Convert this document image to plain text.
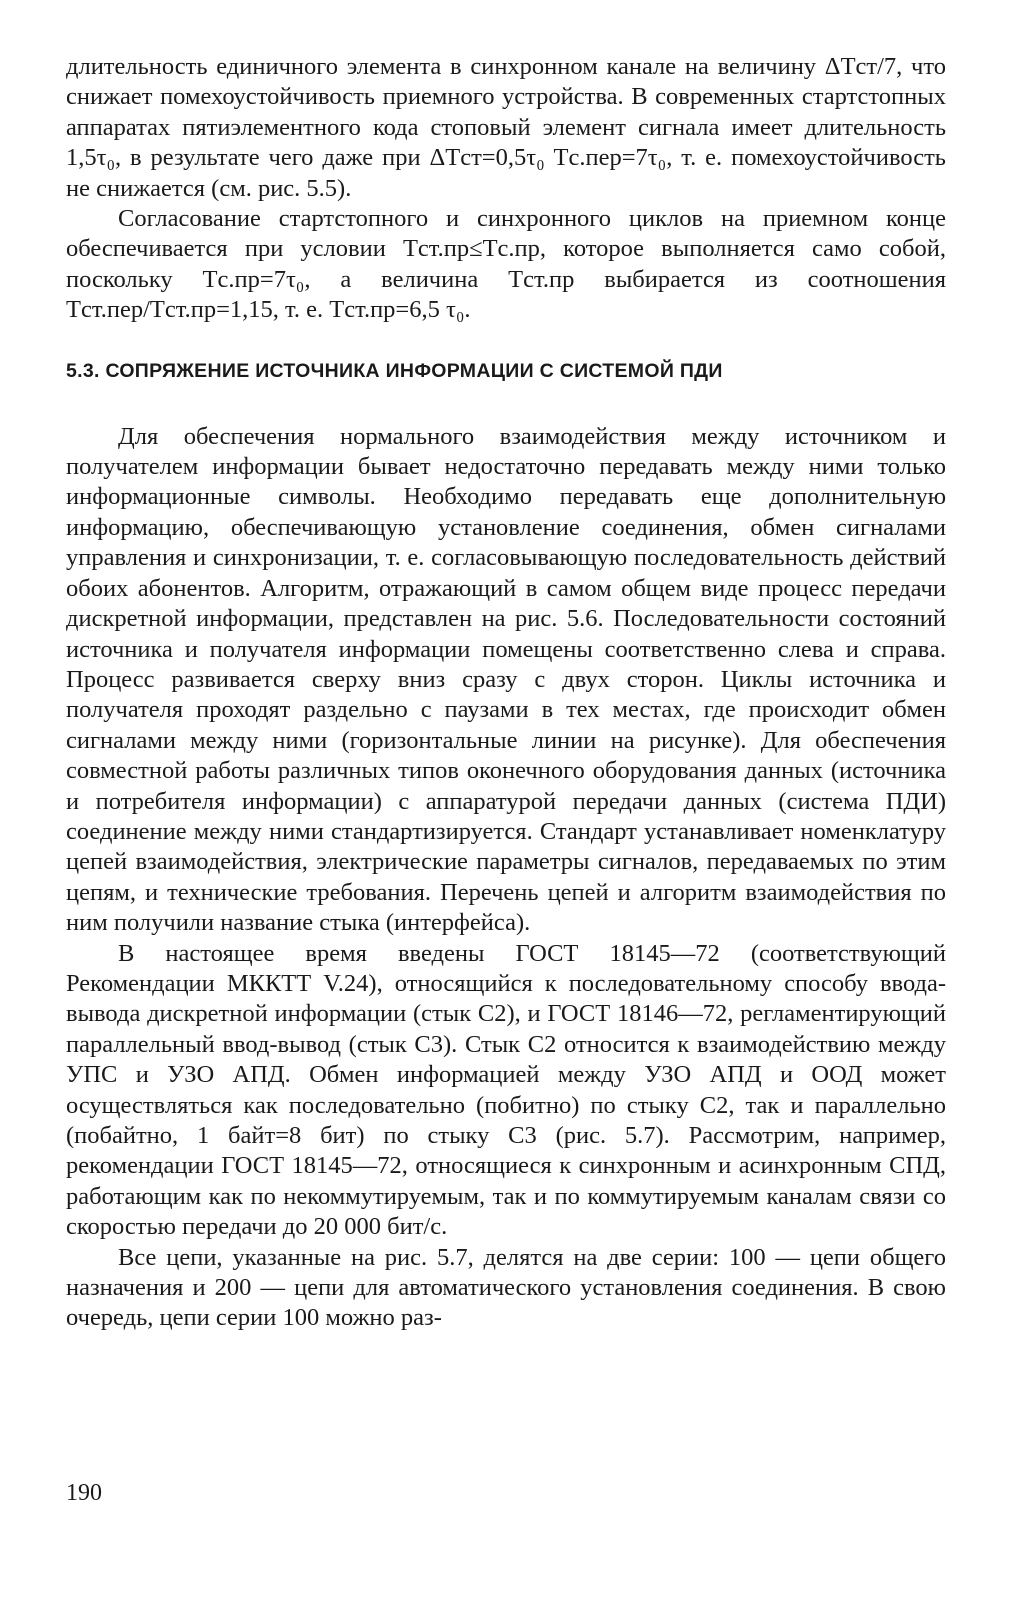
длительность единичного элемента в синхронном канале на величину ΔTст/7, что снижает помехоустойчивость приемного устройства. В современных стартстопных аппаратах пятиэлементного кода стоповый элемент сигнала имеет длительность 1,5τ₀, в результате чего даже при ΔTст=0,5τ₀ Tс.пер=7τ₀, т. е. помехоустойчивость не снижается (см. рис. 5.5).

Согласование стартстопного и синхронного циклов на приемном конце обеспечивается при условии Tст.пр≤Tс.пр, которое выполняется само собой, поскольку Tс.пр=7τ₀, а величина Tст.пр выбирается из соотношения Tст.пер/Tст.пр=1,15, т. е. Tст.пр=6,5 τ₀.

5.3. СОПРЯЖЕНИЕ ИСТОЧНИКА ИНФОРМАЦИИ С СИСТЕМОЙ ПДИ

Для обеспечения нормального взаимодействия между источником и получателем информации бывает недостаточно передавать между ними только информационные символы. Необходимо передавать еще дополнительную информацию, обеспечивающую установление соединения, обмен сигналами управления и синхронизации, т. е. согласовывающую последовательность действий обоих абонентов. Алгоритм, отражающий в самом общем виде процесс передачи дискретной информации, представлен на рис. 5.6. Последовательности состояний источника и получателя информации помещены соответственно слева и справа. Процесс развивается сверху вниз сразу с двух сторон. Циклы источника и получателя проходят раздельно с паузами в тех местах, где происходит обмен сигналами между ними (горизонтальные линии на рисунке). Для обеспечения совместной работы различных типов оконечного оборудования данных (источника и потребителя информации) с аппаратурой передачи данных (система ПДИ) соединение между ними стандартизируется. Стандарт устанавливает номенклатуру цепей взаимодействия, электрические параметры сигналов, передаваемых по этим цепям, и технические требования. Перечень цепей и алгоритм взаимодействия по ним получили название стыка (интерфейса).

В настоящее время введены ГОСТ 18145—72 (соответствующий Рекомендации МККТТ V.24), относящийся к последовательному способу ввода-вывода дискретной информации (стык С2), и ГОСТ 18146—72, регламентирующий параллельный ввод-вывод (стык С3). Стык С2 относится к взаимодействию между УПС и УЗО АПД. Обмен информацией между УЗО АПД и ООД может осуществляться как последовательно (побитно) по стыку С2, так и параллельно (побайтно, 1 байт=8 бит) по стыку С3 (рис. 5.7). Рассмотрим, например, рекомендации ГОСТ 18145—72, относящиеся к синхронным и асинхронным СПД, работающим как по некоммутируемым, так и по коммутируемым каналам связи со скоростью передачи до 20 000 бит/с.

Все цепи, указанные на рис. 5.7, делятся на две серии: 100 — цепи общего назначения и 200 — цепи для автоматического установления соединения. В свою очередь, цепи серии 100 можно раз-

190
